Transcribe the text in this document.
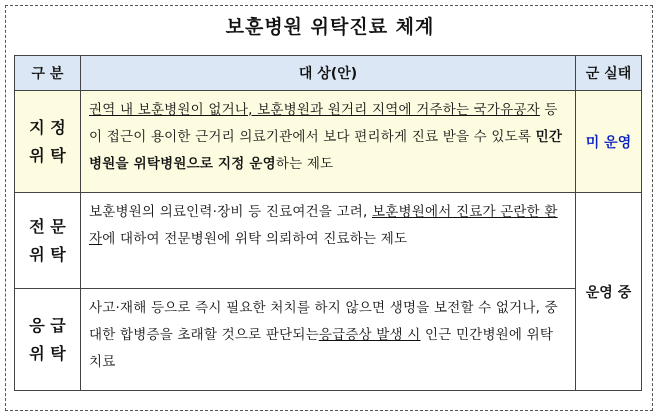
보훈병원 위탁진료 체계
구 분	대 상(안)	군 실태

지 정
위 탁	권역 내 보훈병원이 없거나, 보훈병원과 원거리 지역에 거주하는 국가유공자 등이 접근이 용이한 근거리 의료기관에서 보다 편리하게 진료 받을 수 있도록 민간병원을 위탁병원으로 지정 운영하는 제도	미 운영

전 문
위 탁	보훈병원의 의료인력·장비 등 진료여건을 고려, 보훈병원에서 진료가 곤란한 환자에 대하여 전문병원에 위탁 의뢰하여 진료하는 제도	운영 중

응 급
위 탁	사고·재해 등으로 즉시 필요한 처치를 하지 않으면 생명을 보전할 수 없거나, 중대한 합병증을 초래할 것으로 판단되는응급증상 발생 시 인근 민간병원에 위탁 치료	
